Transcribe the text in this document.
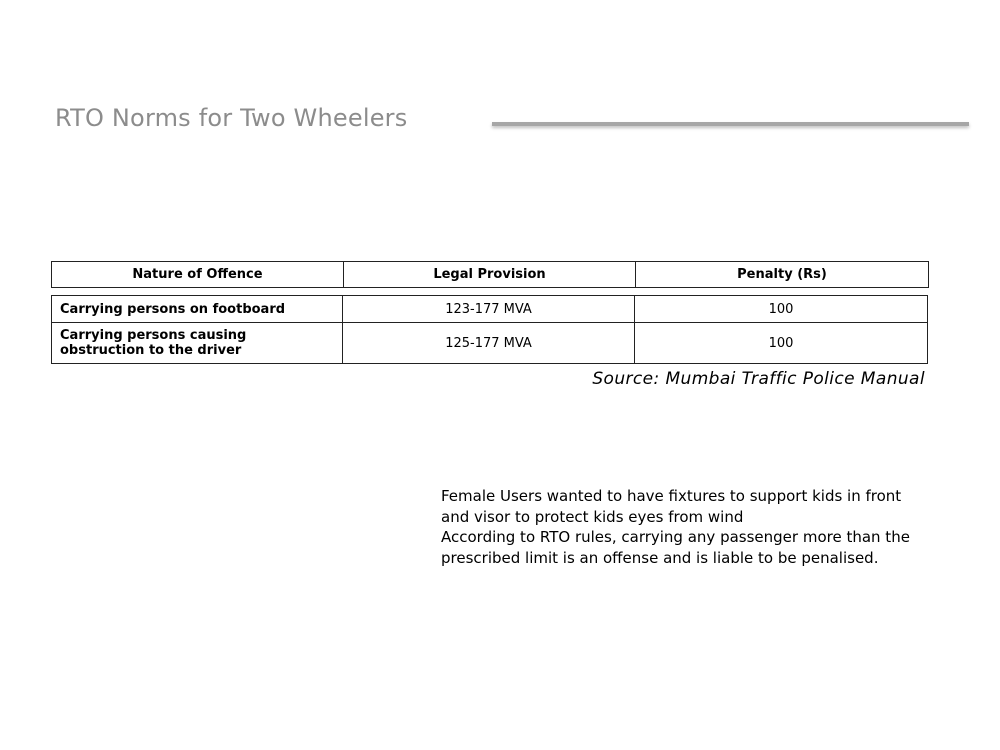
RTO Norms for Two Wheelers
Nature of Offence	Legal Provision	Penalty (Rs)
Carrying persons on footboard	123-177 MVA	100
Carrying persons causing obstruction to the driver	125-177 MVA	100
Source: Mumbai Traffic Police Manual

Female Users wanted to have fixtures to support kids in front and visor to protect kids eyes from wind

According to RTO rules, carrying any passenger more than the prescribed limit is an offense and is liable to be penalised.
